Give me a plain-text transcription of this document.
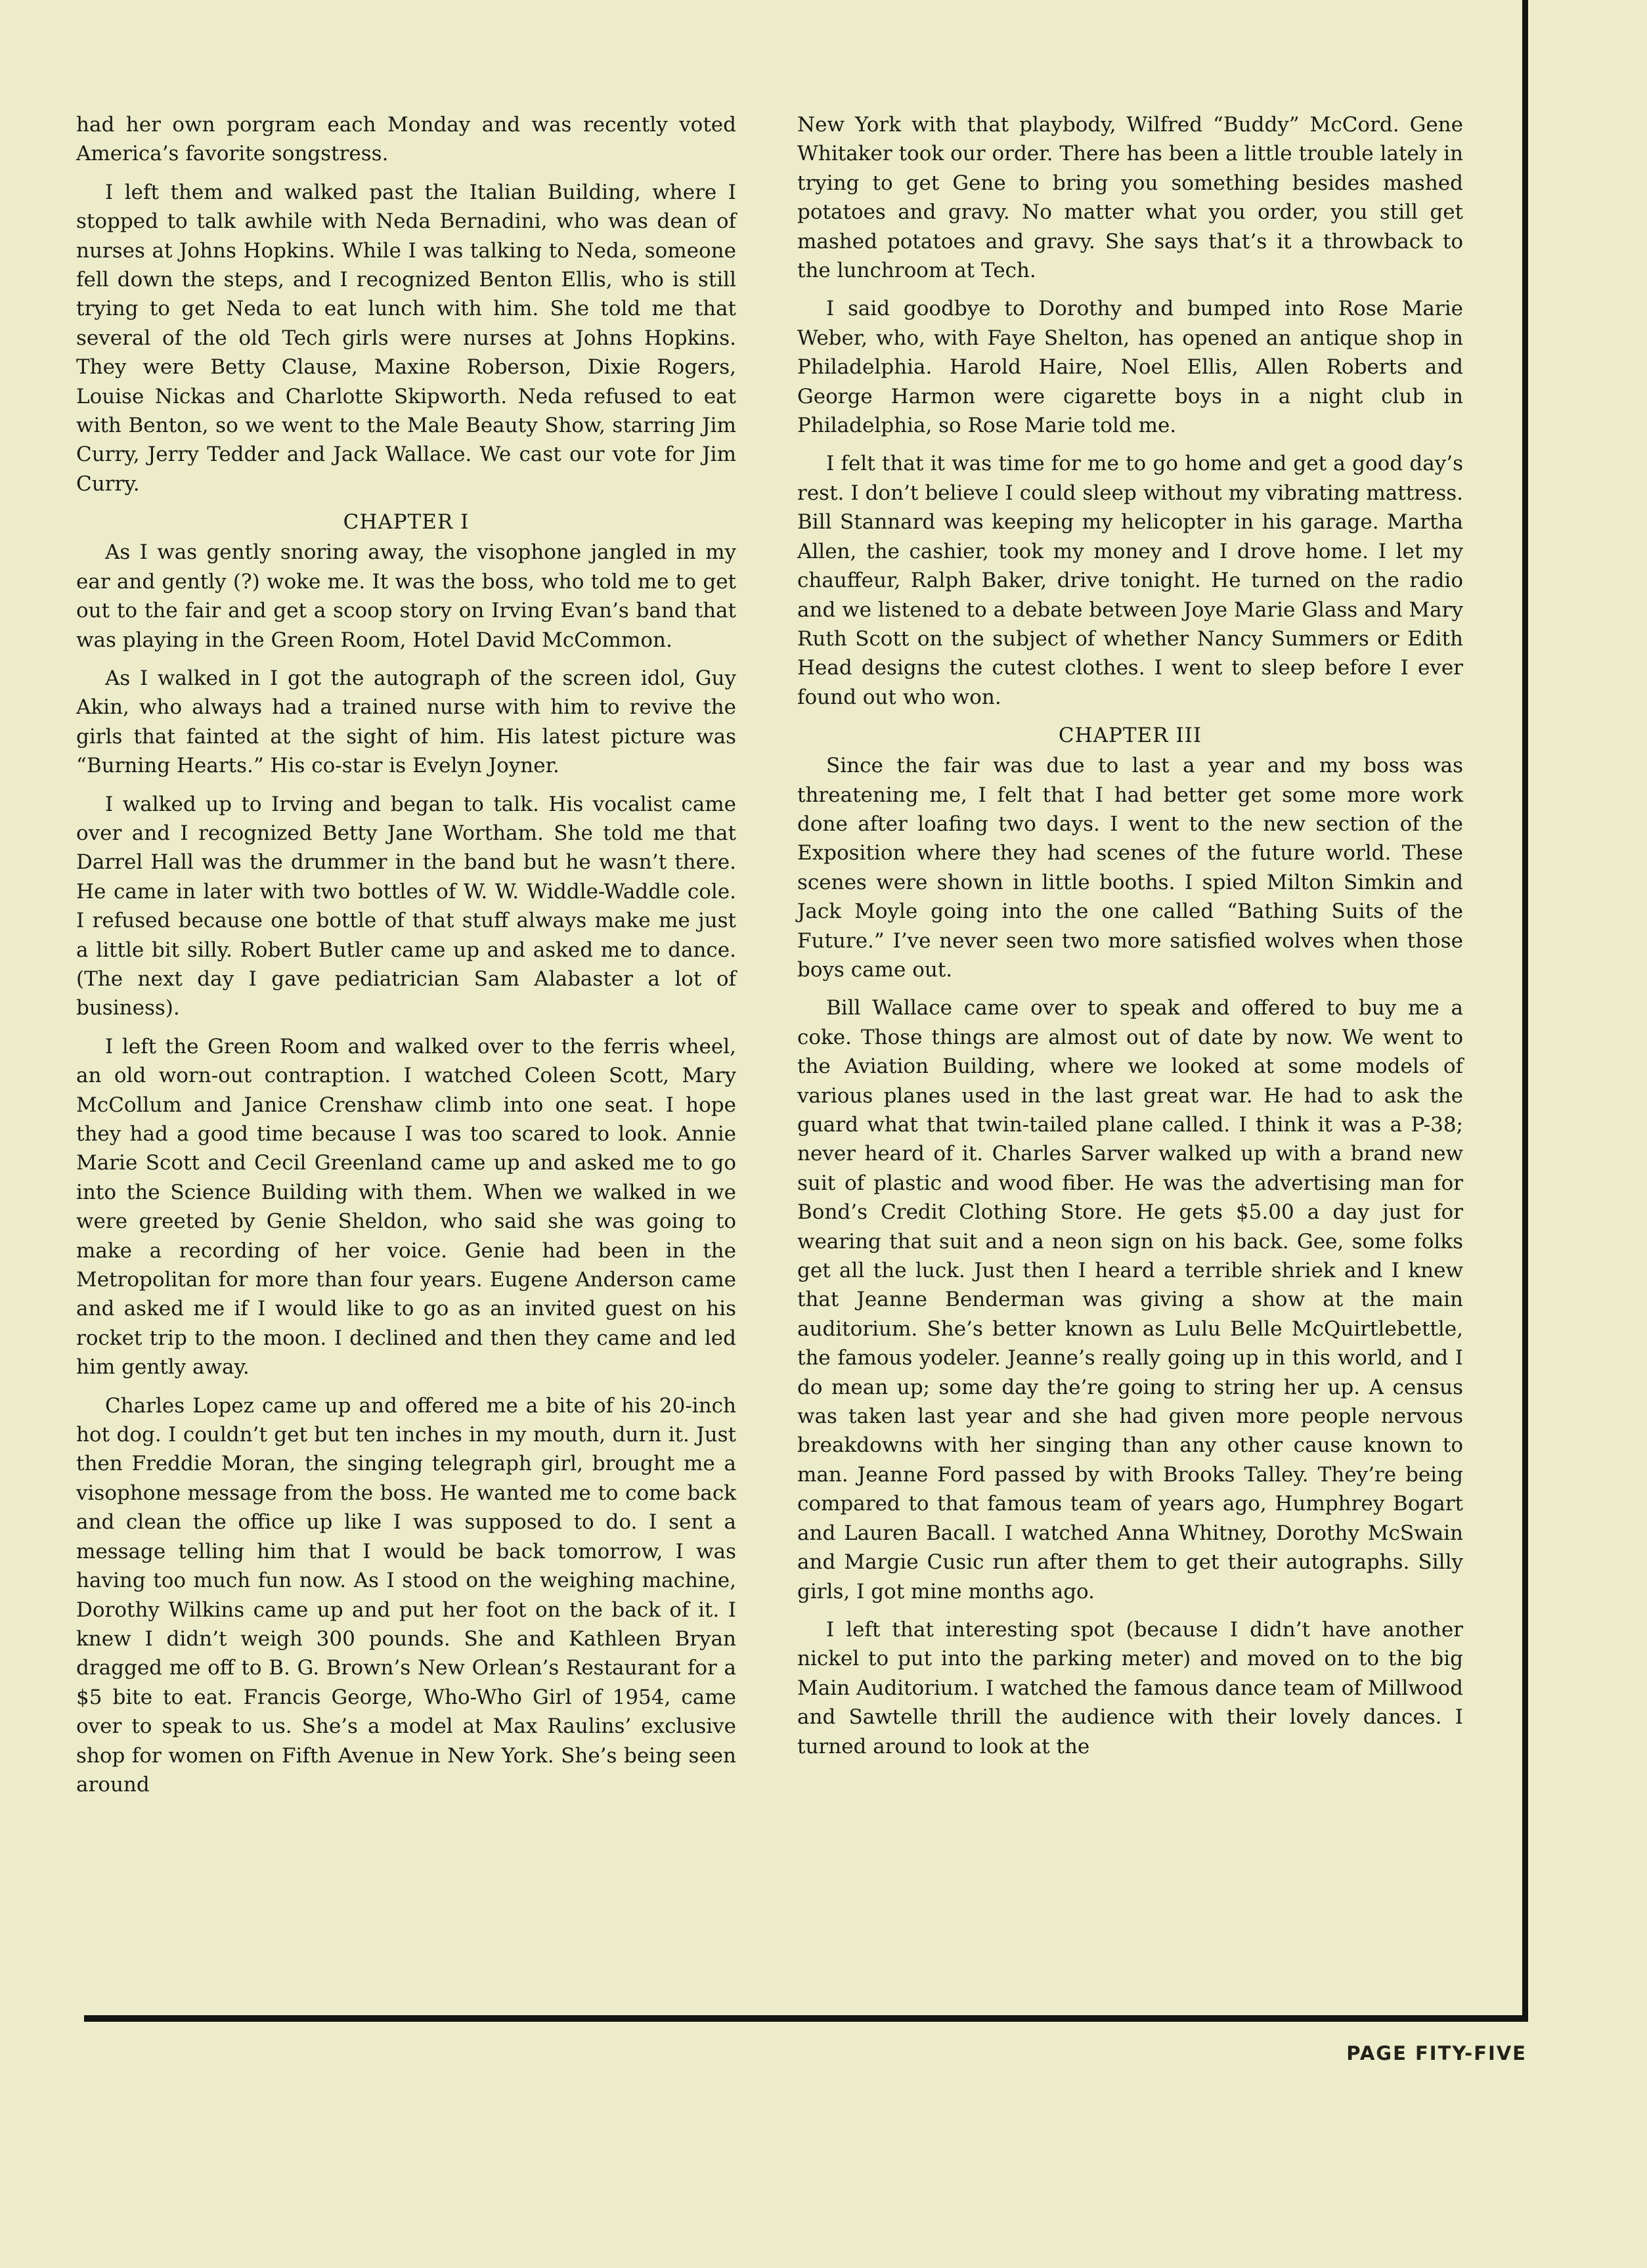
had her own porgram each Monday and was recently voted America’s favorite songstress.

I left them and walked past the Italian Building, where I stopped to talk awhile with Neda Bernadini, who was dean of nurses at Johns Hopkins. While I was talking to Neda, someone fell down the steps, and I recognized Benton Ellis, who is still trying to get Neda to eat lunch with him. She told me that several of the old Tech girls were nurses at Johns Hopkins. They were Betty Clause, Maxine Roberson, Dixie Rogers, Louise Nickas and Charlotte Skipworth. Neda refused to eat with Benton, so we went to the Male Beauty Show, starring Jim Curry, Jerry Tedder and Jack Wallace. We cast our vote for Jim Curry.

CHAPTER I

As I was gently snoring away, the visophone jangled in my ear and gently (?) woke me. It was the boss, who told me to get out to the fair and get a scoop story on Irving Evan’s band that was playing in the Green Room, Hotel David McCommon.

As I walked in I got the autograph of the screen idol, Guy Akin, who always had a trained nurse with him to revive the girls that fainted at the sight of him. His latest picture was “Burning Hearts.” His co-star is Evelyn Joyner.

I walked up to Irving and began to talk. His vocalist came over and I recognized Betty Jane Wortham. She told me that Darrel Hall was the drummer in the band but he wasn’t there. He came in later with two bottles of W. W. Widdle-Waddle cole. I refused because one bottle of that stuff always make me just a little bit silly. Robert Butler came up and asked me to dance. (The next day I gave pediatrician Sam Alabaster a lot of business).

I left the Green Room and walked over to the ferris wheel, an old worn-out contraption. I watched Coleen Scott, Mary McCollum and Janice Crenshaw climb into one seat. I hope they had a good time because I was too scared to look. Annie Marie Scott and Cecil Greenland came up and asked me to go into the Science Building with them. When we walked in we were greeted by Genie Sheldon, who said she was going to make a recording of her voice. Genie had been in the Metropolitan for more than four years. Eugene Anderson came and asked me if I would like to go as an invited guest on his rocket trip to the moon. I declined and then they came and led him gently away.

Charles Lopez came up and offered me a bite of his 20-inch hot dog. I couldn’t get but ten inches in my mouth, durn it. Just then Freddie Moran, the singing telegraph girl, brought me a visophone message from the boss. He wanted me to come back and clean the office up like I was supposed to do. I sent a message telling him that I would be back tomorrow, I was having too much fun now. As I stood on the weighing machine, Dorothy Wilkins came up and put her foot on the back of it. I knew I didn’t weigh 300 pounds. She and Kathleen Bryan dragged me off to B. G. Brown’s New Orlean’s Restaurant for a $5 bite to eat. Francis George, Who-Who Girl of 1954, came over to speak to us. She’s a model at Max Raulins’ exclusive shop for women on Fifth Avenue in New York. She’s being seen around

New York with that playbody, Wilfred “Buddy” McCord. Gene Whitaker took our order. There has been a little trouble lately in trying to get Gene to bring you something besides mashed potatoes and gravy. No matter what you order, you still get mashed potatoes and gravy. She says that’s it a throwback to the lunchroom at Tech.

I said goodbye to Dorothy and bumped into Rose Marie Weber, who, with Faye Shelton, has opened an antique shop in Philadelphia. Harold Haire, Noel Ellis, Allen Roberts and George Harmon were cigarette boys in a night club in Philadelphia, so Rose Marie told me.

I felt that it was time for me to go home and get a good day’s rest. I don’t believe I could sleep without my vibrating mattress. Bill Stannard was keeping my helicopter in his garage. Martha Allen, the cashier, took my money and I drove home. I let my chauffeur, Ralph Baker, drive tonight. He turned on the radio and we listened to a debate between Joye Marie Glass and Mary Ruth Scott on the subject of whether Nancy Summers or Edith Head designs the cutest clothes. I went to sleep before I ever found out who won.

CHAPTER III

Since the fair was due to last a year and my boss was threatening me, I felt that I had better get some more work done after loafing two days. I went to the new section of the Exposition where they had scenes of the future world. These scenes were shown in little booths. I spied Milton Simkin and Jack Moyle going into the one called “Bathing Suits of the Future.” I’ve never seen two more satisfied wolves when those boys came out.

Bill Wallace came over to speak and offered to buy me a coke. Those things are almost out of date by now. We went to the Aviation Building, where we looked at some models of various planes used in the last great war. He had to ask the guard what that twin-tailed plane called. I think it was a P-38; never heard of it. Charles Sarver walked up with a brand new suit of plastic and wood fiber. He was the advertising man for Bond’s Credit Clothing Store. He gets $5.00 a day just for wearing that suit and a neon sign on his back. Gee, some folks get all the luck. Just then I heard a terrible shriek and I knew that Jeanne Benderman was giving a show at the main auditorium. She’s better known as Lulu Belle McQuirtlebettle, the famous yodeler. Jeanne’s really going up in this world, and I do mean up; some day the’re going to string her up. A census was taken last year and she had given more people nervous breakdowns with her singing than any other cause known to man. Jeanne Ford passed by with Brooks Talley. They’re being compared to that famous team of years ago, Humphrey Bogart and Lauren Bacall. I watched Anna Whitney, Dorothy McSwain and Margie Cusic run after them to get their autographs. Silly girls, I got mine months ago.

I left that interesting spot (because I didn’t have another nickel to put into the parking meter) and moved on to the big Main Auditorium. I watched the famous dance team of Millwood and Sawtelle thrill the audience with their lovely dances. I turned around to look at the

PAGE FITY-FIVE
